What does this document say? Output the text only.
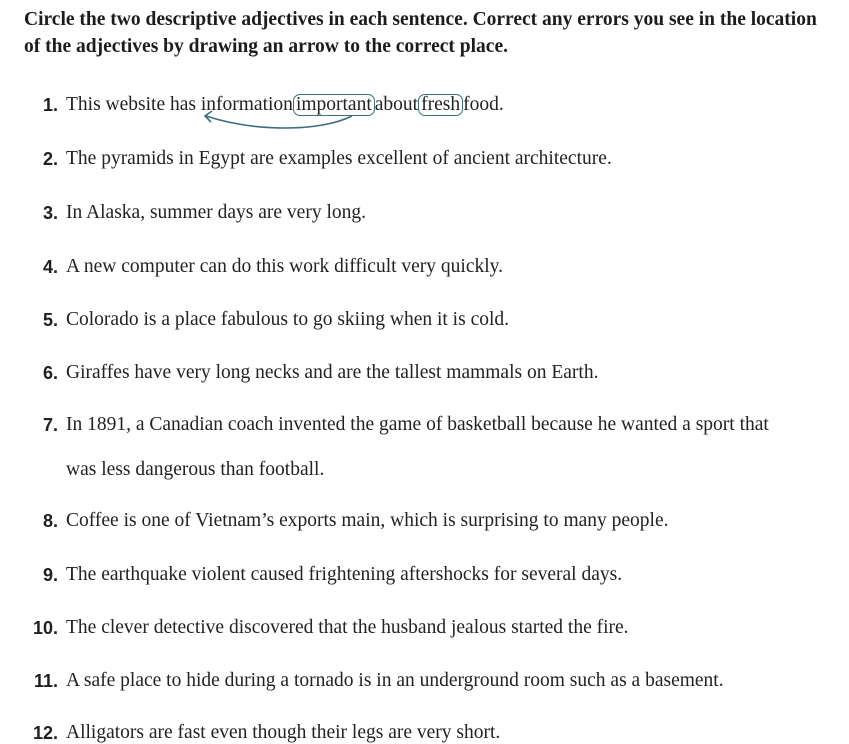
Circle the two descriptive adjectives in each sentence. Correct any errors you see in the location of the adjectives by drawing an arrow to the correct place.
1. This website has information important about fresh food.
2. The pyramids in Egypt are examples excellent of ancient architecture.
3. In Alaska, summer days are very long.
4. A new computer can do this work difficult very quickly.
5. Colorado is a place fabulous to go skiing when it is cold.
6. Giraffes have very long necks and are the tallest mammals on Earth.
7. In 1891, a Canadian coach invented the game of basketball because he wanted a sport that
was less dangerous than football.
8. Coffee is one of Vietnam’s exports main, which is surprising to many people.
9. The earthquake violent caused frightening aftershocks for several days.
10. The clever detective discovered that the husband jealous started the fire.
11. A safe place to hide during a tornado is in an underground room such as a basement.
12. Alligators are fast even though their legs are very short.
